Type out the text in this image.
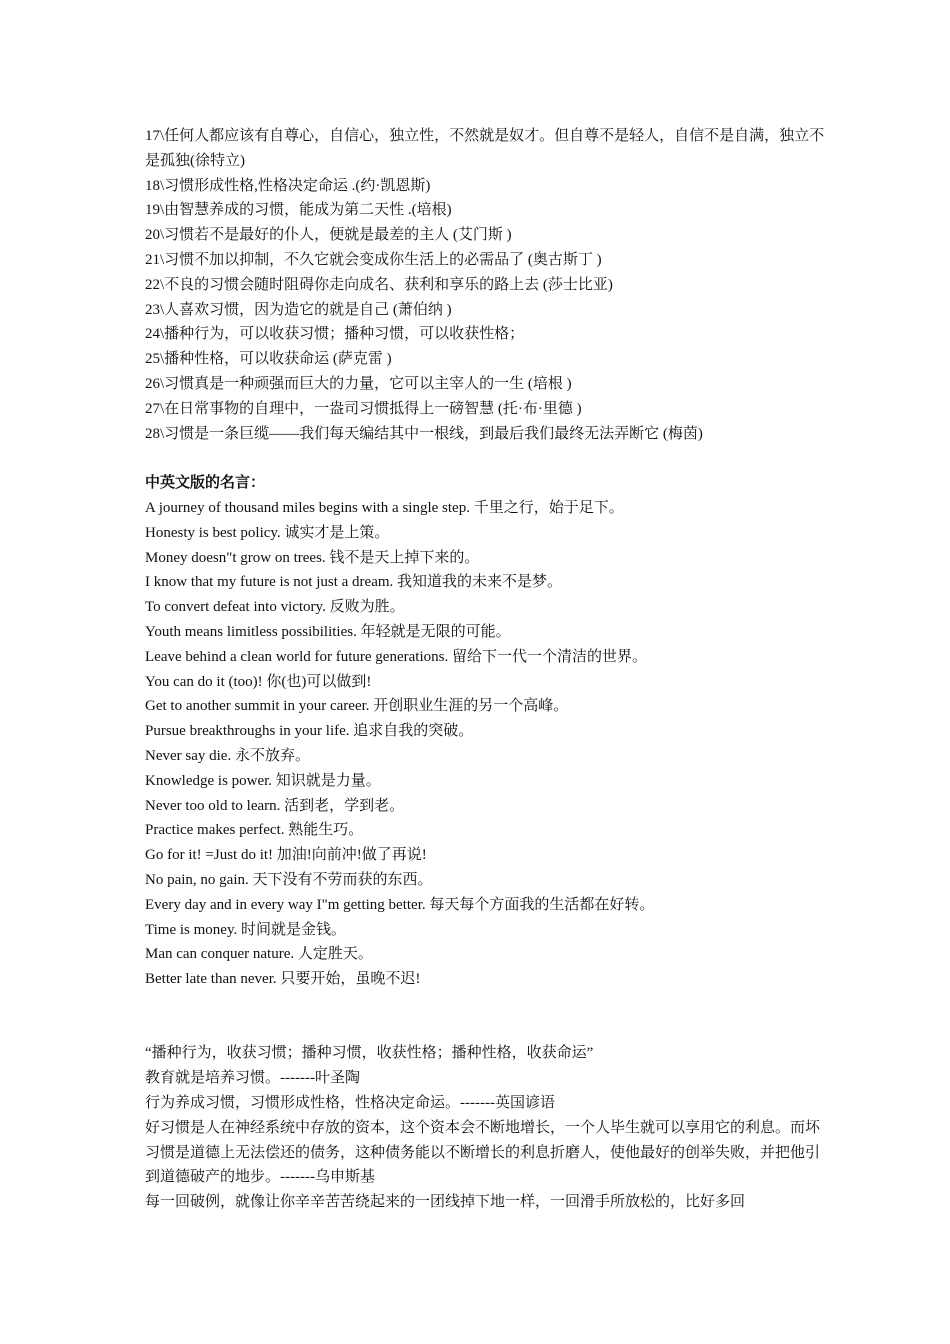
17\任何人都应该有自尊心，自信心，独立性，不然就是奴才。但自尊不是轻人，自信不是自满，独立不是孤独(徐特立)
18\习惯形成性格,性格决定命运 .(约·凯恩斯)
19\由智慧养成的习惯，能成为第二天性 .(培根)
20\习惯若不是最好的仆人，便就是最差的主人 (艾门斯 )
21\习惯不加以抑制，不久它就会变成你生活上的必需品了 (奥古斯丁 )
22\不良的习惯会随时阻碍你走向成名、获利和享乐的路上去 (莎士比亚)
23\人喜欢习惯，因为造它的就是自己 (萧伯纳 )
24\播种行为，可以收获习惯；播种习惯，可以收获性格；
25\播种性格，可以收获命运 (萨克雷 )
26\习惯真是一种顽强而巨大的力量，它可以主宰人的一生 (培根 )
27\在日常事物的自理中，一盎司习惯抵得上一磅智慧 (托·布·里德 )
28\习惯是一条巨缆——我们每天编结其中一根线，到最后我们最终无法弄断它 (梅茵)
中英文版的名言：
A journey of thousand miles begins with a single step. 千里之行，始于足下。
Honesty is best policy. 诚实才是上策。
Money doesn"t grow on trees. 钱不是天上掉下来的。
I know that my future is not just a dream. 我知道我的未来不是梦。
To convert defeat into victory. 反败为胜。
Youth means limitless possibilities. 年轻就是无限的可能。
Leave behind a clean world for future generations. 留给下一代一个清洁的世界。
You can do it (too)! 你(也)可以做到!
Get to another summit in your career. 开创职业生涯的另一个高峰。
Pursue breakthroughs in your life. 追求自我的突破。
Never say die. 永不放弃。
Knowledge is power. 知识就是力量。
Never too old to learn. 活到老，学到老。
Practice makes perfect. 熟能生巧。
Go for it! =Just do it! 加油!向前冲!做了再说!
No pain, no gain. 天下没有不劳而获的东西。
Every day and in every way I"m getting better. 每天每个方面我的生活都在好转。
Time is money. 时间就是金钱。
Man can conquer nature. 人定胜天。
Better late than never. 只要开始，虽晚不迟!
“播种行为，收获习惯；播种习惯，收获性格；播种性格，收获命运”
教育就是培养习惯。-------叶圣陶
行为养成习惯，习惯形成性格，性格决定命运。-------英国谚语
好习惯是人在神经系统中存放的资本，这个资本会不断地增长，一个人毕生就可以享用它的利息。而坏习惯是道德上无法偿还的债务，这种债务能以不断增长的利息折磨人，使他最好的创举失败，并把他引到道德破产的地步。-------乌申斯基
每一回破例，就像让你辛辛苦苦绕起来的一团线掉下地一样，一回滑手所放松的，比好多回
